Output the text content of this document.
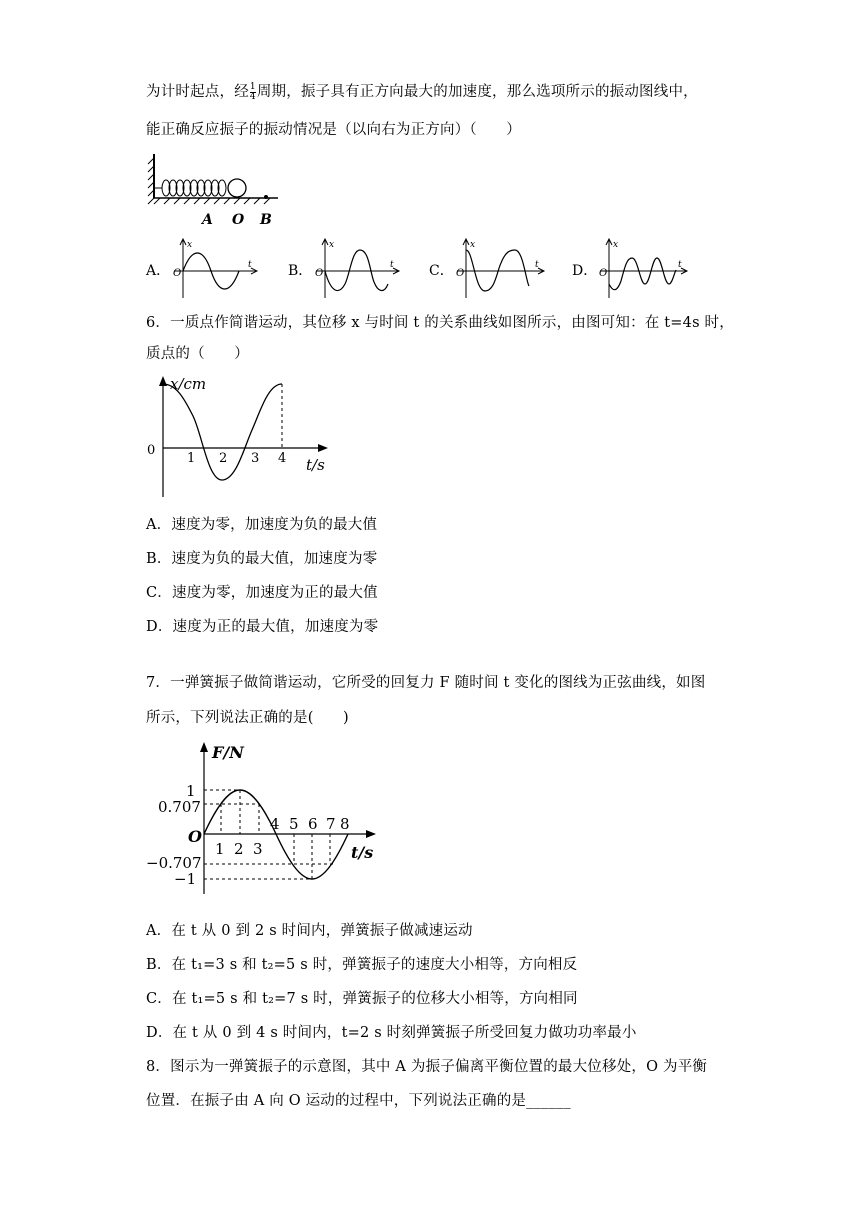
为计时起点，经 $\frac{1}{4}$ 周期，振子具有正方向最大的加速度，那么选项所示的振动图线中，
能正确反应振子的振动情况是（以向右为正方向）（　　）
A O B
A．	B．	C．	D．
x
t
O
x
t
O
x
t
O
x
t
O
6．一质点作简谐运动，其位移 x 与时间 t 的关系曲线如图所示，由图可知：在 t=4s 时，
质点的（　　）
x/cm
t/s
0
1 2 3 4
A．速度为零，加速度为负的最大值
B．速度为负的最大值，加速度为零
C．速度为零，加速度为正的最大值
D．速度为正的最大值，加速度为零
7．一弹簧振子做简谐运动，它所受的回复力 F 随时间 t 变化的图线为正弦曲线，如图
所示，下列说法正确的是(　　)
F/N
t/s
O
1
0.707
−0.707
−1
1 2 3
4 5 6 7 8
A．在 t 从 0 到 2 s 时间内，弹簧振子做减速运动
B．在 t₁=3 s 和 t₂=5 s 时，弹簧振子的速度大小相等，方向相反
C．在 t₁=5 s 和 t₂=7 s 时，弹簧振子的位移大小相等，方向相同
D．在 t 从 0 到 4 s 时间内，t=2 s 时刻弹簧振子所受回复力做功功率最小
8．图示为一弹簧振子的示意图，其中 A 为振子偏离平衡位置的最大位移处，O 为平衡
位置．在振子由 A 向 O 运动的过程中，下列说法正确的是______
